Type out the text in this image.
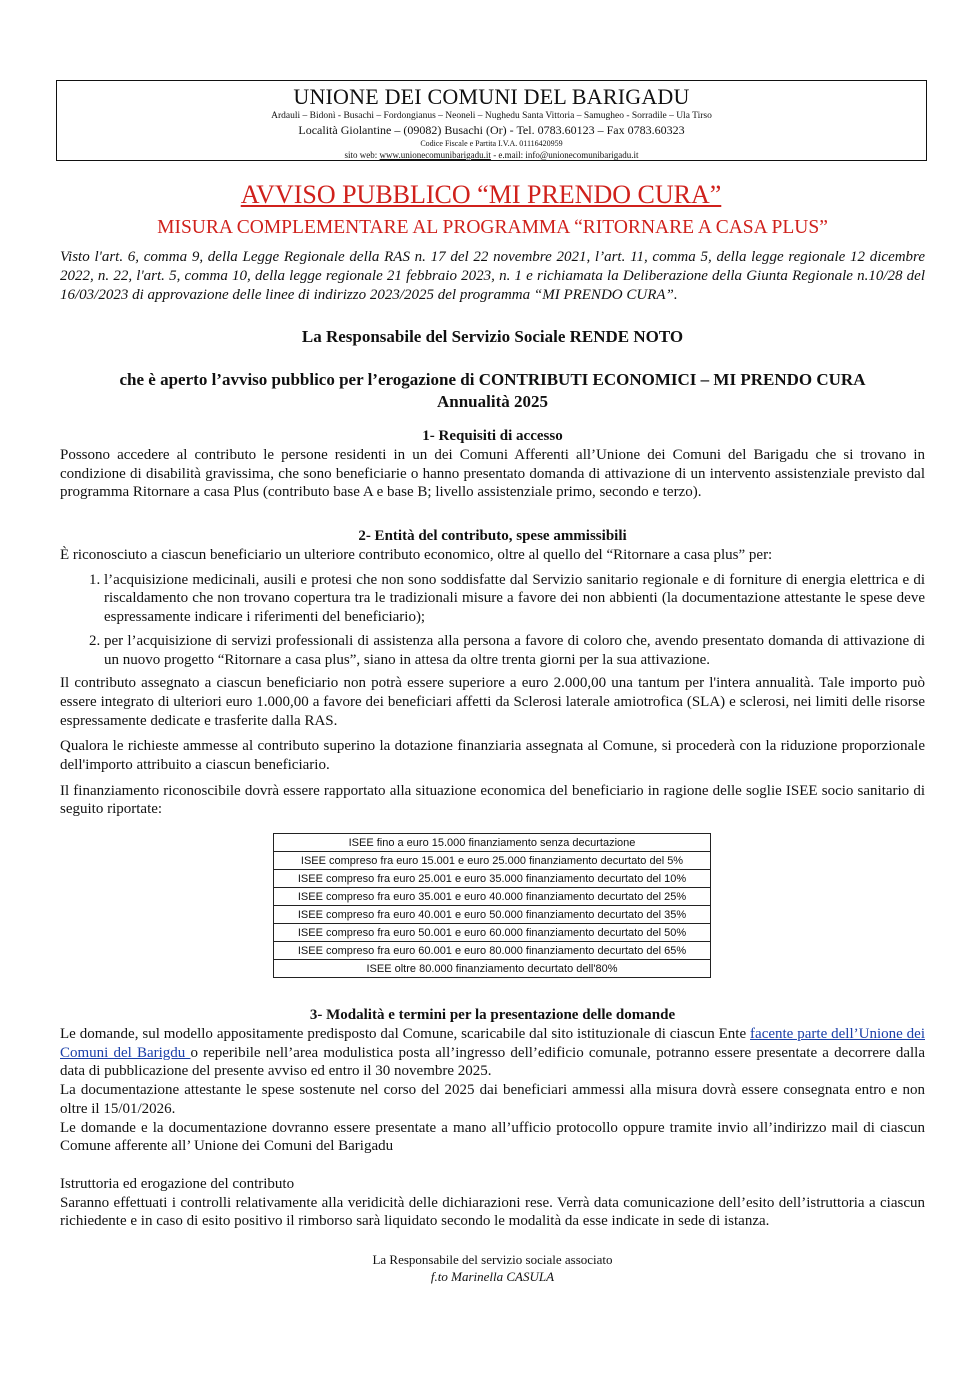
UNIONE DEI COMUNI DEL BARIGADU
Ardauli – Bidonì - Busachi – Fordongianus – Neoneli – Nughedu Santa Vittoria – Samugheo - Sorradile – Ula Tirso
Località Giolantine – (09082) Busachi (Or) - Tel. 0783.60123 – Fax 0783.60323
Codice Fiscale e Partita I.V.A. 01116420959
sito web: www.unionecomunibarigadu.it - e.mail: info@unionecomunibarigadu.it
AVVISO PUBBLICO “MI PRENDO CURA”
MISURA COMPLEMENTARE AL PROGRAMMA “RITORNARE A CASA PLUS”
Visto l'art. 6, comma 9, della Legge Regionale della RAS n. 17 del 22 novembre 2021, l’art. 11, comma 5, della legge regionale 12 dicembre 2022, n. 22, l'art. 5, comma 10, della legge regionale 21 febbraio 2023, n. 1 e richiamata la Deliberazione della Giunta Regionale n.10/28 del 16/03/2023 di approvazione delle linee di indirizzo 2023/2025 del programma “MI PRENDO CURA”.
La Responsabile del Servizio Sociale RENDE NOTO
che è aperto l’avviso pubblico per l’erogazione di CONTRIBUTI ECONOMICI – MI PRENDO CURA
Annualità 2025
1- Requisiti di accesso

Possono accedere al contributo le persone residenti in un dei Comuni Afferenti all’Unione dei Comuni del Barigadu che si trovano in condizione di disabilità gravissima, che sono beneficiarie o hanno presentato domanda di attivazione di un intervento assistenziale previsto dal programma Ritornare a casa Plus (contributo base A e base B; livello assistenziale primo, secondo e terzo).

2- Entità del contributo, spese ammissibili

È riconosciuto a ciascun beneficiario un ulteriore contributo economico, oltre al quello del “Ritornare a casa plus” per:

1. l’acquisizione medicinali, ausili e protesi che non sono soddisfatte dal Servizio sanitario regionale e di forniture di energia elettrica e di riscaldamento che non trovano copertura tra le tradizionali misure a favore dei non abbienti (la documentazione attestante le spese deve espressamente indicare i riferimenti del beneficiario);
2. per l’acquisizione di servizi professionali di assistenza alla persona a favore di coloro che, avendo presentato domanda di attivazione di un nuovo progetto “Ritornare a casa plus”, siano in attesa da oltre trenta giorni per la sua attivazione.

Il contributo assegnato a ciascun beneficiario non potrà essere superiore a euro 2.000,00 una tantum per l'intera annualità. Tale importo può essere integrato di ulteriori euro 1.000,00 a favore dei beneficiari affetti da Sclerosi laterale amiotrofica (SLA) e sclerosi, nei limiti delle risorse espressamente dedicate e trasferite dalla RAS.

Qualora le richieste ammesse al contributo superino la dotazione finanziaria assegnata al Comune, si procederà con la riduzione proporzionale dell'importo attribuito a ciascun beneficiario.

Il finanziamento riconoscibile dovrà essere rapportato alla situazione economica del beneficiario in ragione delle soglie ISEE socio sanitario di seguito riportate:

ISEE fino a euro 15.000 finanziamento senza decurtazione
ISEE compreso fra euro 15.001 e euro 25.000 finanziamento decurtato del 5%
ISEE compreso fra euro 25.001 e euro 35.000 finanziamento decurtato del 10%
ISEE compreso fra euro 35.001 e euro 40.000 finanziamento decurtato del 25%
ISEE compreso fra euro 40.001 e euro 50.000 finanziamento decurtato del 35%
ISEE compreso fra euro 50.001 e euro 60.000 finanziamento decurtato del 50%
ISEE compreso fra euro 60.001 e euro 80.000 finanziamento decurtato del 65%
ISEE oltre 80.000 finanziamento decurtato dell'80%
3- Modalità e termini per la presentazione delle domande

Le domande, sul modello appositamente predisposto dal Comune, scaricabile dal sito istituzionale di ciascun Ente facente parte dell’Unione dei Comuni del Barigdu o reperibile nell’area modulistica posta all’ingresso dell’edificio comunale, potranno essere presentate a decorrere dalla data di pubblicazione del presente avviso ed entro il 30 novembre 2025.

La documentazione attestante le spese sostenute nel corso del 2025 dai beneficiari ammessi alla misura dovrà essere consegnata entro e non oltre il 15/01/2026.

Le domande e la documentazione dovranno essere presentate a mano all’ufficio protocollo oppure tramite invio all’indirizzo mail di ciascun Comune afferente all’ Unione dei Comuni del Barigadu

Istruttoria ed erogazione del contributo

Saranno effettuati i controlli relativamente alla veridicità delle dichiarazioni rese. Verrà data comunicazione dell’esito dell’istruttoria a ciascun richiedente e in caso di esito positivo il rimborso sarà liquidato secondo le modalità da esse indicate in sede di istanza.

La Responsabile del servizio sociale associato
f.to Marinella CASULA
